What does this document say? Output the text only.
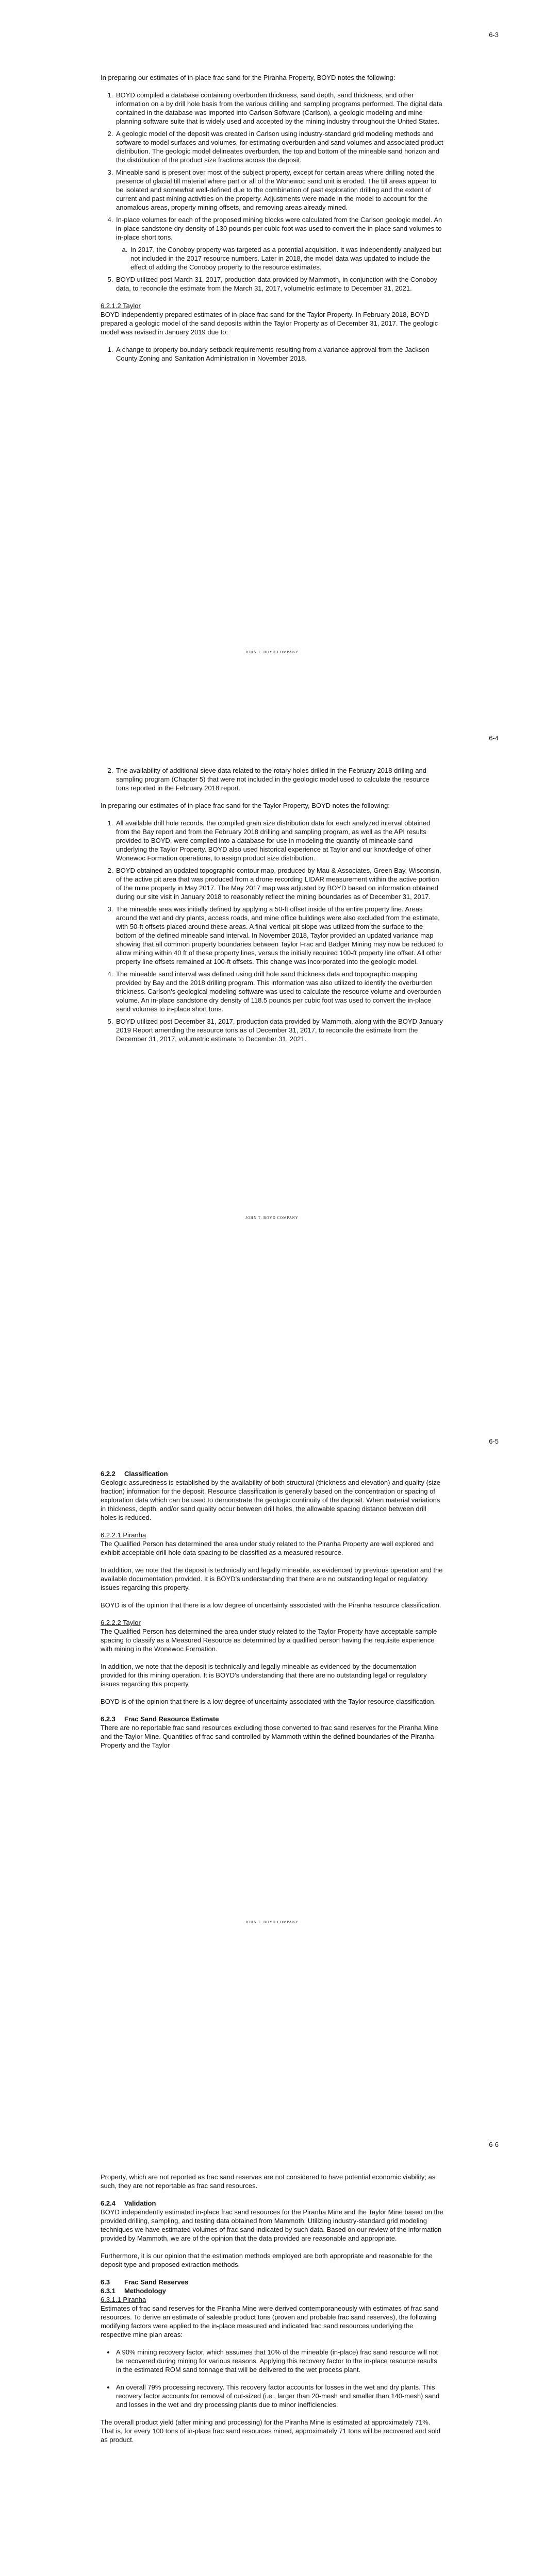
6-3

In preparing our estimates of in-place frac sand for the Piranha Property, BOYD notes the following:

1. BOYD compiled a database containing overburden thickness, sand depth, sand thickness, and other information on a by drill hole basis from the various drilling and sampling programs performed. The digital data contained in the database was imported into Carlson Software (Carlson), a geologic modeling and mine planning software suite that is widely used and accepted by the mining industry throughout the United States.
2. A geologic model of the deposit was created in Carlson using industry-standard grid modeling methods and software to model surfaces and volumes, for estimating overburden and sand volumes and associated product distribution. The geologic model delineates overburden, the top and bottom of the mineable sand horizon and the distribution of the product size fractions across the deposit.
3. Mineable sand is present over most of the subject property, except for certain areas where drilling noted the presence of glacial till material where part or all of the Wonewoc sand unit is eroded. The till areas appear to be isolated and somewhat well-defined due to the combination of past exploration drilling and the extent of current and past mining activities on the property. Adjustments were made in the model to account for the anomalous areas, property mining offsets, and removing areas already mined.
4. In-place volumes for each of the proposed mining blocks were calculated from the Carlson geologic model. An in-place sandstone dry density of 130 pounds per cubic foot was used to convert the in-place sand volumes to in-place short tons.
a. In 2017, the Conoboy property was targeted as a potential acquisition. It was independently analyzed but not included in the 2017 resource numbers. Later in 2018, the model data was updated to include the effect of adding the Conoboy property to the resource estimates.
5. BOYD utilized post March 31, 2017, production data provided by Mammoth, in conjunction with the Conoboy data, to reconcile the estimate from the March 31, 2017, volumetric estimate to December 31, 2021.

6.2.1.2 Taylor

BOYD independently prepared estimates of in-place frac sand for the Taylor Property. In February 2018, BOYD prepared a geologic model of the sand deposits within the Taylor Property as of December 31, 2017. The geologic model was revised in January 2019 due to:

1. A change to property boundary setback requirements resulting from a variance approval from the Jackson County Zoning and Sanitation Administration in November 2018.
JOHN T. BOYD COMPANY
6-4
2. The availability of additional sieve data related to the rotary holes drilled in the February 2018 drilling and sampling program (Chapter 5) that were not included in the geologic model used to calculate the resource tons reported in the February 2018 report.

In preparing our estimates of in-place frac sand for the Taylor Property, BOYD notes the following:

1. All available drill hole records, the compiled grain size distribution data for each analyzed interval obtained from the Bay report and from the February 2018 drilling and sampling program, as well as the API results provided to BOYD, were compiled into a database for use in modeling the quantity of mineable sand underlying the Taylor Property. BOYD also used historical experience at Taylor and our knowledge of other Wonewoc Formation operations, to assign product size distribution.
2. BOYD obtained an updated topographic contour map, produced by Mau & Associates, Green Bay, Wisconsin, of the active pit area that was produced from a drone recording LIDAR measurement within the active portion of the mine property in May 2017. The May 2017 map was adjusted by BOYD based on information obtained during our site visit in January 2018 to reasonably reflect the mining boundaries as of December 31, 2017.
3. The mineable area was initially defined by applying a 50-ft offset inside of the entire property line. Areas around the wet and dry plants, access roads, and mine office buildings were also excluded from the estimate, with 50-ft offsets placed around these areas. A final vertical pit slope was utilized from the surface to the bottom of the defined mineable sand interval. In November 2018, Taylor provided an updated variance map showing that all common property boundaries between Taylor Frac and Badger Mining may now be reduced to allow mining within 40 ft of these property lines, versus the initially required 100-ft property line offset. All other property line offsets remained at 100-ft offsets. This change was incorporated into the geologic model.
4. The mineable sand interval was defined using drill hole sand thickness data and topographic mapping provided by Bay and the 2018 drilling program. This information was also utilized to identify the overburden thickness. Carlson's geological modeling software was used to calculate the resource volume and overburden volume. An in-place sandstone dry density of 118.5 pounds per cubic foot was used to convert the in-place sand volumes to in-place short tons.
5. BOYD utilized post December 31, 2017, production data provided by Mammoth, along with the BOYD January 2019 Report amending the resource tons as of December 31, 2017, to reconcile the estimate from the December 31, 2017, volumetric estimate to December 31, 2021.
JOHN T. BOYD COMPANY
6-5

6.2.2 Classification

Geologic assuredness is established by the availability of both structural (thickness and elevation) and quality (size fraction) information for the deposit. Resource classification is generally based on the concentration or spacing of exploration data which can be used to demonstrate the geologic continuity of the deposit. When material variations in thickness, depth, and/or sand quality occur between drill holes, the allowable spacing distance between drill holes is reduced.

6.2.2.1 Piranha

The Qualified Person has determined the area under study related to the Piranha Property are well explored and exhibit acceptable drill hole data spacing to be classified as a measured resource.

In addition, we note that the deposit is technically and legally mineable, as evidenced by previous operation and the available documentation provided. It is BOYD's understanding that there are no outstanding legal or regulatory issues regarding this property.

BOYD is of the opinion that there is a low degree of uncertainty associated with the Piranha resource classification.

6.2.2.2 Taylor

The Qualified Person has determined the area under study related to the Taylor Property have acceptable sample spacing to classify as a Measured Resource as determined by a qualified person having the requisite experience with mining in the Wonewoc Formation.

In addition, we note that the deposit is technically and legally mineable as evidenced by the documentation provided for this mining operation. It is BOYD's understanding that there are no outstanding legal or regulatory issues regarding this property.

BOYD is of the opinion that there is a low degree of uncertainty associated with the Taylor resource classification.

6.2.3 Frac Sand Resource Estimate

There are no reportable frac sand resources excluding those converted to frac sand reserves for the Piranha Mine and the Taylor Mine. Quantities of frac sand controlled by Mammoth within the defined boundaries of the Piranha Property and the Taylor

JOHN T. BOYD COMPANY
6-6

Property, which are not reported as frac sand reserves are not considered to have potential economic viability; as such, they are not reportable as frac sand resources.

6.2.4 Validation

BOYD independently estimated in-place frac sand resources for the Piranha Mine and the Taylor Mine based on the provided drilling, sampling, and testing data obtained from Mammoth. Utilizing industry-standard grid modeling techniques we have estimated volumes of frac sand indicated by such data. Based on our review of the information provided by Mammoth, we are of the opinion that the data provided are reasonable and appropriate.

Furthermore, it is our opinion that the estimation methods employed are both appropriate and reasonable for the deposit type and proposed extraction methods.

6.3 Frac Sand Reserves

6.3.1 Methodology

6.3.1.1 Piranha

Estimates of frac sand reserves for the Piranha Mine were derived contemporaneously with estimates of frac sand resources. To derive an estimate of saleable product tons (proven and probable frac sand reserves), the following modifying factors were applied to the in-place measured and indicated frac sand resources underlying the respective mine plan areas:

• A 90% mining recovery factor, which assumes that 10% of the mineable (in-place) frac sand resource will not be recovered during mining for various reasons. Applying this recovery factor to the in-place resource results in the estimated ROM sand tonnage that will be delivered to the wet process plant.
• An overall 79% processing recovery. This recovery factor accounts for losses in the wet and dry plants. This recovery factor accounts for removal of out-sized (i.e., larger than 20-mesh and smaller than 140-mesh) sand and losses in the wet and dry processing plants due to minor inefficiencies.

The overall product yield (after mining and processing) for the Piranha Mine is estimated at approximately 71%. That is, for every 100 tons of in-place frac sand resources mined, approximately 71 tons will be recovered and sold as product.
